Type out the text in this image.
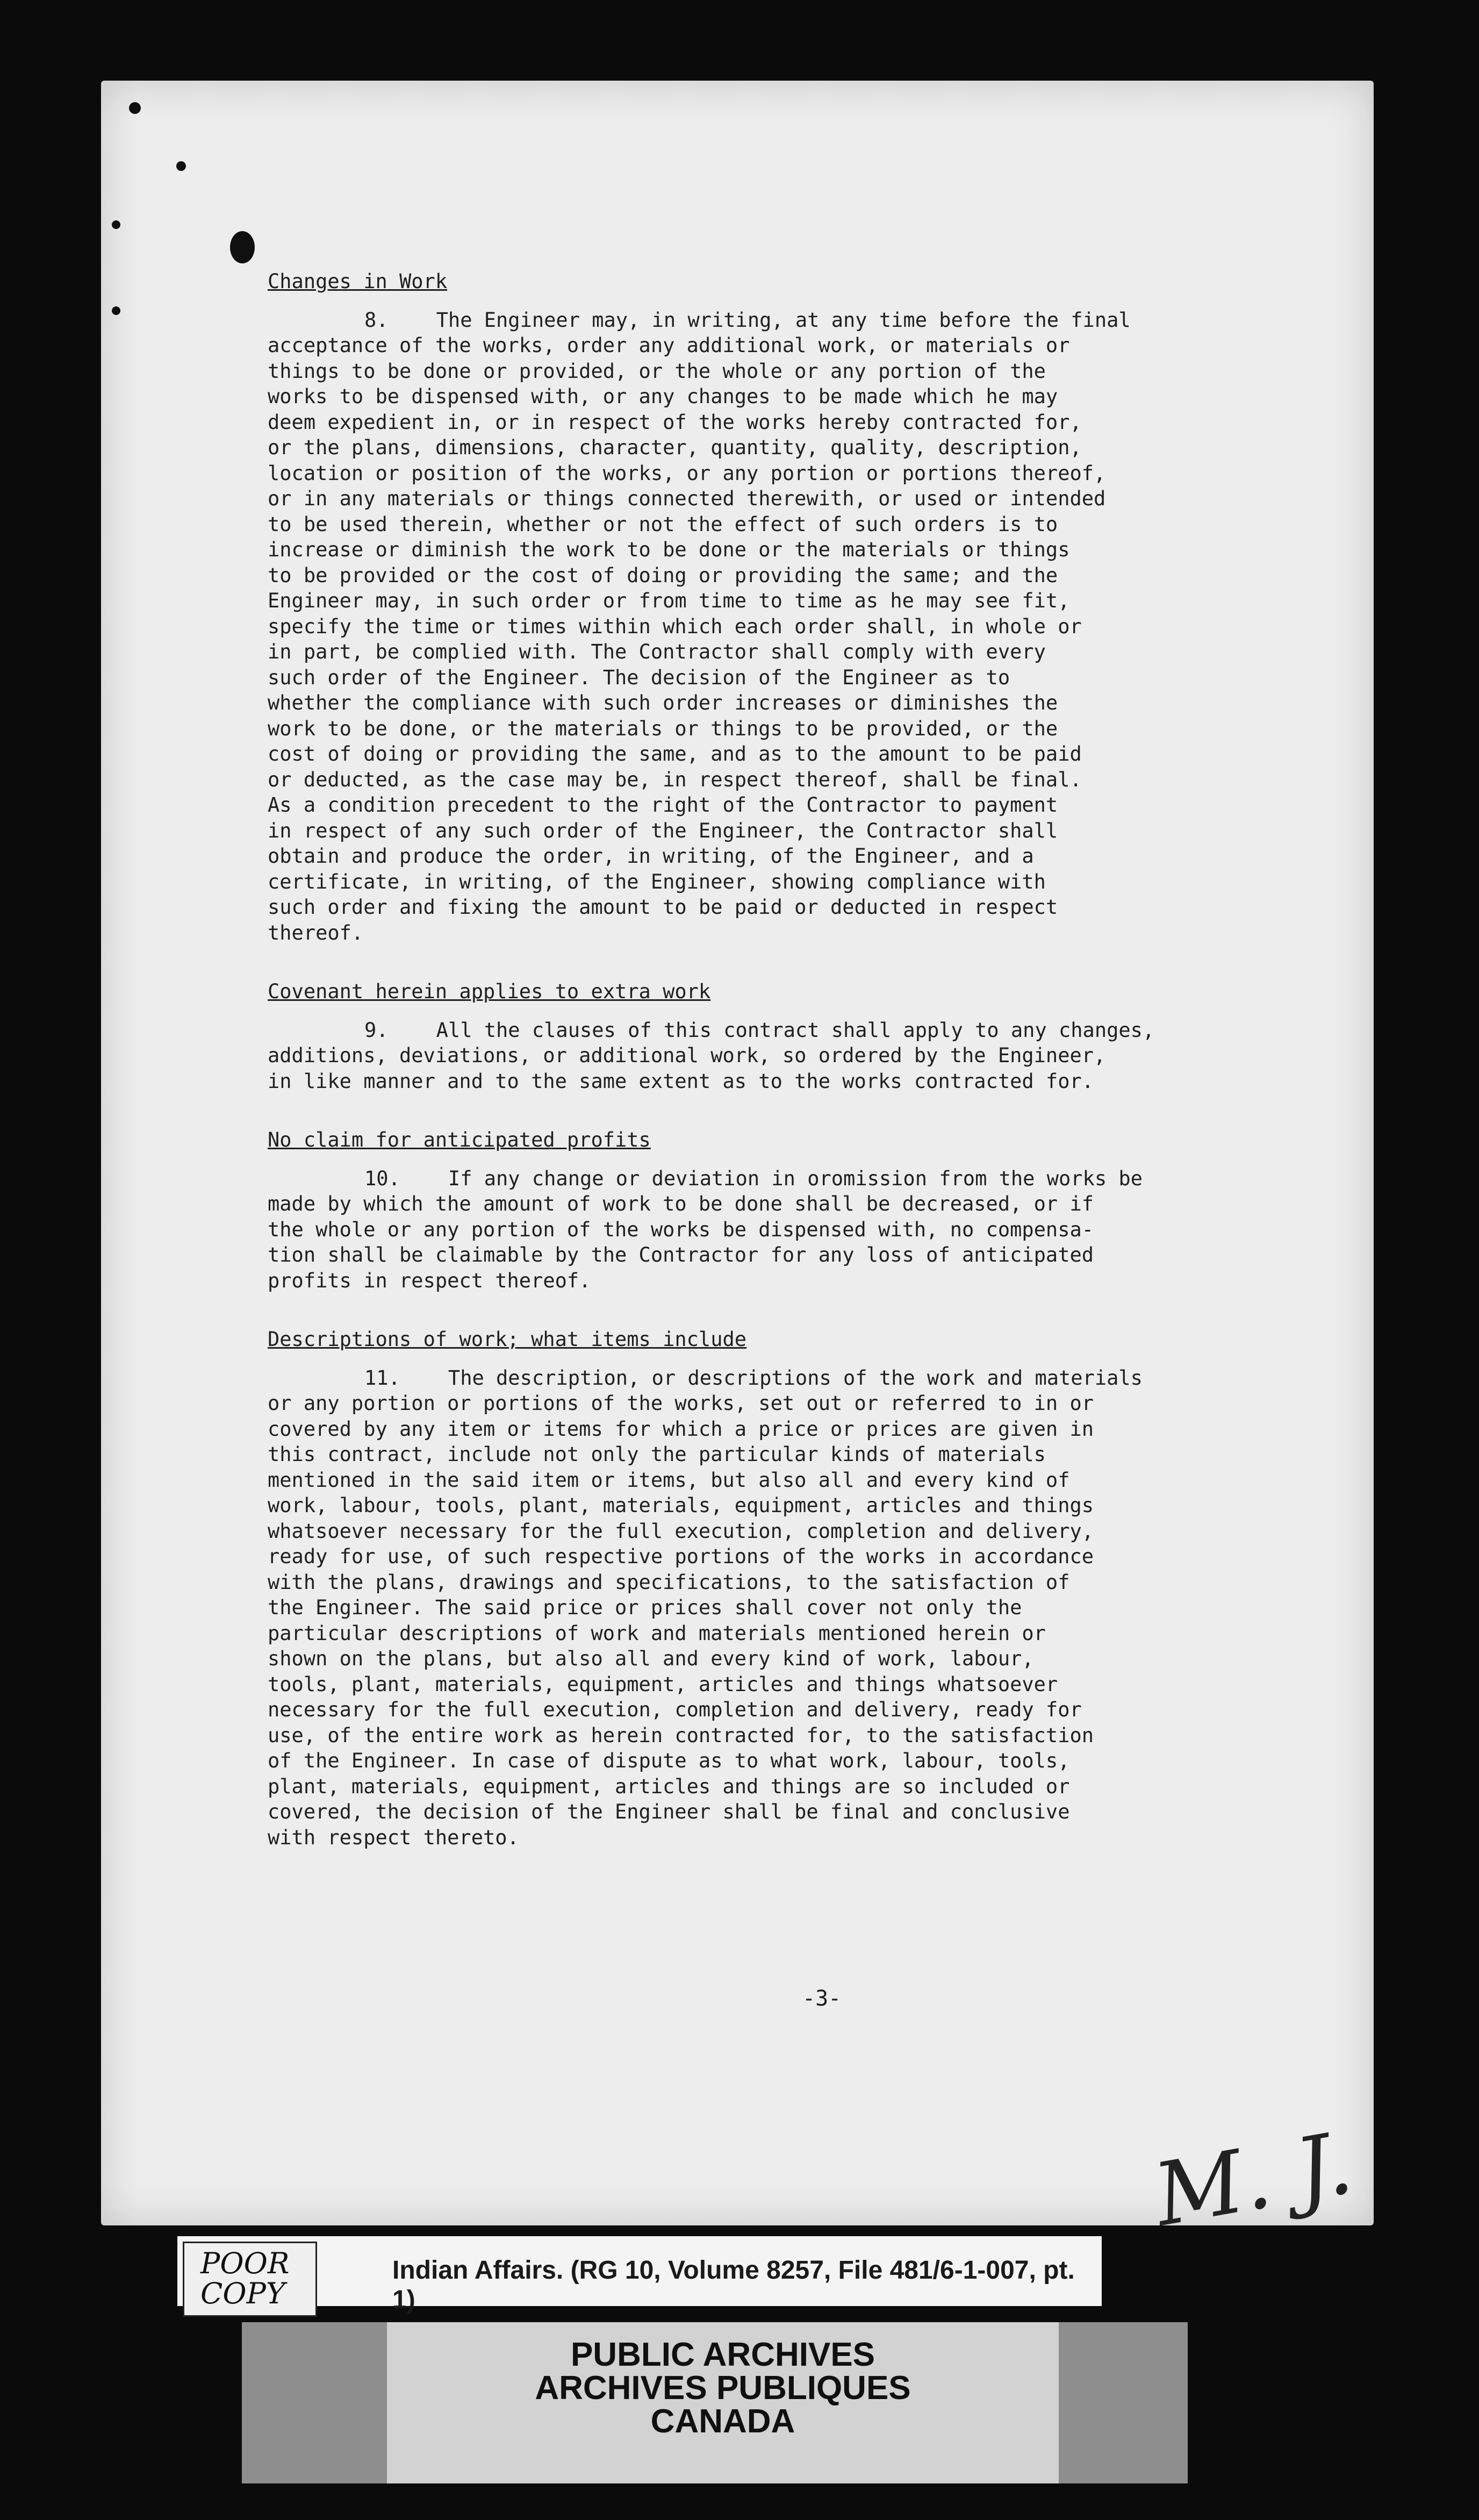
Changes in Work
8.    The Engineer may, in writing, at any time before the final
acceptance of the works, order any additional work, or materials or
things to be done or provided, or the whole or any portion of the
works to be dispensed with, or any changes to be made which he may
deem expedient in, or in respect of the works hereby contracted for,
or the plans, dimensions, character, quantity, quality, description,
location or position of the works, or any portion or portions thereof,
or in any materials or things connected therewith, or used or intended
to be used therein, whether or not the effect of such orders is to
increase or diminish the work to be done or the materials or things
to be provided or the cost of doing or providing the same; and the
Engineer may, in such order or from time to time as he may see fit,
specify the time or times within which each order shall, in whole or
in part, be complied with. The Contractor shall comply with every
such order of the Engineer. The decision of the Engineer as to
whether the compliance with such order increases or diminishes the
work to be done, or the materials or things to be provided, or the
cost of doing or providing the same, and as to the amount to be paid
or deducted, as the case may be, in respect thereof, shall be final.
As a condition precedent to the right of the Contractor to payment
in respect of any such order of the Engineer, the Contractor shall
obtain and produce the order, in writing, of the Engineer, and a
certificate, in writing, of the Engineer, showing compliance with
such order and fixing the amount to be paid or deducted in respect
thereof.
Covenant herein applies to extra work
9.    All the clauses of this contract shall apply to any changes,
additions, deviations, or additional work, so ordered by the Engineer,
in like manner and to the same extent as to the works contracted for.
No claim for anticipated profits
10.    If any change or deviation in oromission from the works be
made by which the amount of work to be done shall be decreased, or if
the whole or any portion of the works be dispensed with, no compensa-
tion shall be claimable by the Contractor for any loss of anticipated
profits in respect thereof.
Descriptions of work; what items include
11.    The description, or descriptions of the work and materials
or any portion or portions of the works, set out or referred to in or
covered by any item or items for which a price or prices are given in
this contract, include not only the particular kinds of materials
mentioned in the said item or items, but also all and every kind of
work, labour, tools, plant, materials, equipment, articles and things
whatsoever necessary for the full execution, completion and delivery,
ready for use, of such respective portions of the works in accordance
with the plans, drawings and specifications, to the satisfaction of
the Engineer. The said price or prices shall cover not only the
particular descriptions of work and materials mentioned herein or
shown on the plans, but also all and every kind of work, labour,
tools, plant, materials, equipment, articles and things whatsoever
necessary for the full execution, completion and delivery, ready for
use, of the entire work as herein contracted for, to the satisfaction
of the Engineer. In case of dispute as to what work, labour, tools,
plant, materials, equipment, articles and things are so included or
covered, the decision of the Engineer shall be final and conclusive
with respect thereto.
-3-
M. J.
Indian Affairs. (RG 10, Volume 8257, File 481/6-1-007, pt. 1)
POOR
COPY
PUBLIC ARCHIVES
ARCHIVES PUBLIQUES
CANADA
